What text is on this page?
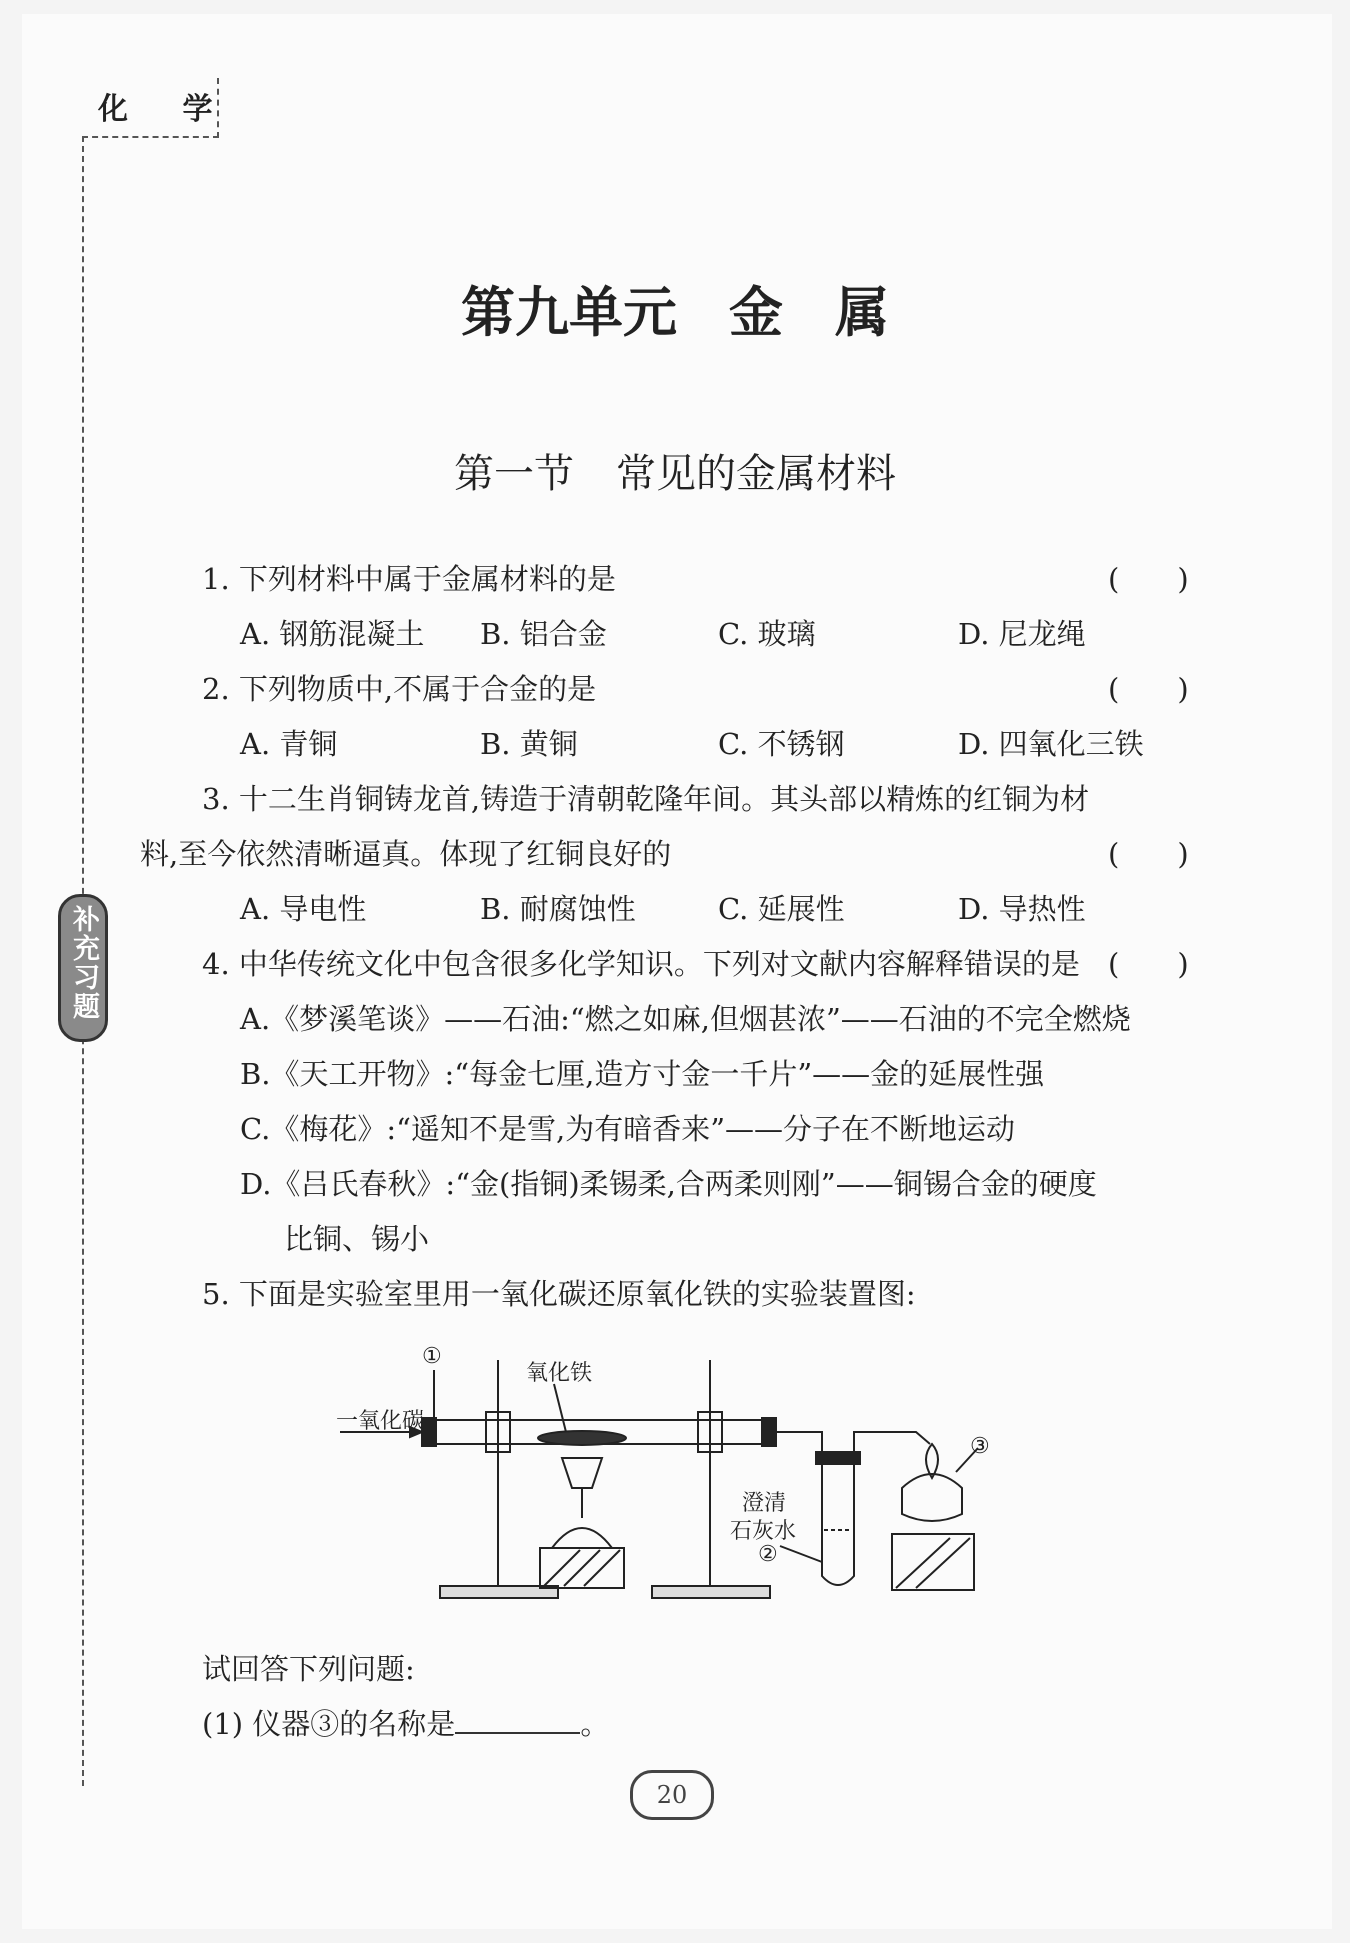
化 学
补充习题
第九单元 金 属
第一节 常见的金属材料
1. 下列材料中属于金属材料的是	(　　)
A. 钢筋混凝土 B. 铝合金	C. 玻璃	D. 尼龙绳
2. 下列物质中,不属于合金的是	(　　)
A. 青铜	B. 黄铜	C. 不锈钢	D. 四氧化三铁
3. 十二生肖铜铸龙首,铸造于清朝乾隆年间。其头部以精炼的红铜为材
料,至今依然清晰逼真。体现了红铜良好的	(　　)
A. 导电性	B. 耐腐蚀性	C. 延展性	D. 导热性
4. 中华传统文化中包含很多化学知识。下列对文献内容解释错误的是 (　　)
A.《梦溪笔谈》——石油:“燃之如麻,但烟甚浓”——石油的不完全燃烧
B.《天工开物》:“每金七厘,造方寸金一千片”——金的延展性强
C.《梅花》:“遥知不是雪,为有暗香来”——分子在不断地运动
D.《吕氏春秋》:“金(指铜)柔锡柔,合两柔则刚”——铜锡合金的硬度
比铜、锡小
5. 下面是实验室里用一氧化碳还原氧化铁的实验装置图:
一氧化碳
①
氧化铁
澄清
石灰水
②
③
试回答下列问题:
(1) 仪器③的名称是	。
20
